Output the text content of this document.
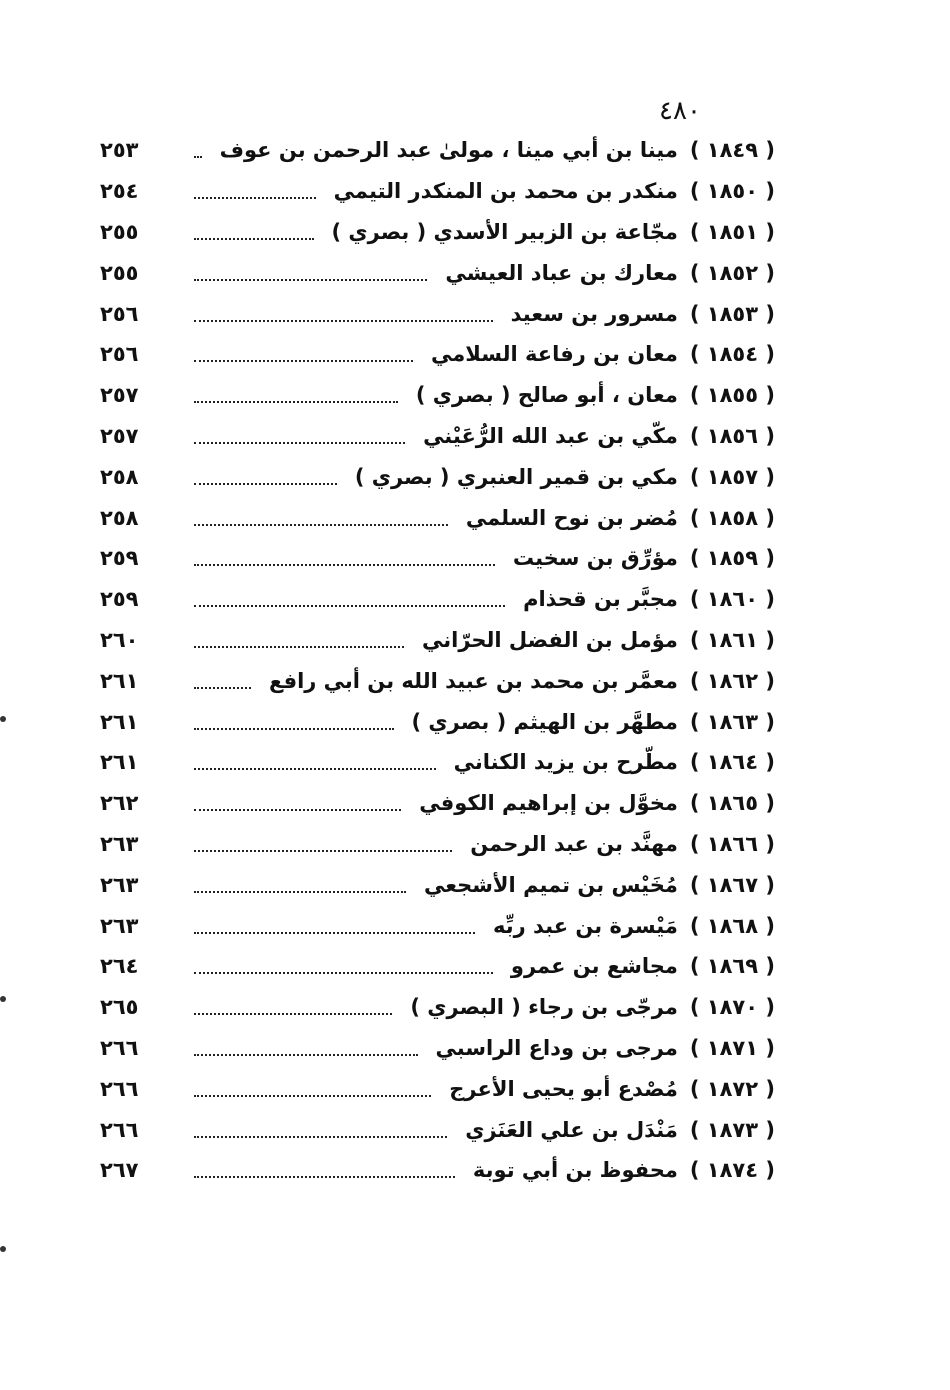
٤٨٠
( ١٨٤٩ )
مينا بن أبي مينا ، مولىٰ عبد الرحمن بن عوف
٢٥٣
( ١٨٥٠ )
منكدر بن محمد بن المنكدر التيمي
٢٥٤
( ١٨٥١ )
مجّاعة بن الزبير الأسدي ( بصري )
٢٥٥
( ١٨٥٢ )
معارك بن عباد العيشي
٢٥٥
( ١٨٥٣ )
مسرور بن سعيد
٢٥٦
( ١٨٥٤ )
معان بن رفاعة السلامي
٢٥٦
( ١٨٥٥ )
معان ، أبو صالح ( بصري )
٢٥٧
( ١٨٥٦ )
مكّي بن عبد الله الرُّعَيْني
٢٥٧
( ١٨٥٧ )
مكي بن قمير العنبري ( بصري )
٢٥٨
( ١٨٥٨ )
مُضر بن نوح السلمي
٢٥٨
( ١٨٥٩ )
مؤرِّق بن سخيت
٢٥٩
( ١٨٦٠ )
مجبَّر بن قحذام
٢٥٩
( ١٨٦١ )
مؤمل بن الفضل الحرّاني
٢٦٠
( ١٨٦٢ )
معمَّر بن محمد بن عبيد الله بن أبي رافع
٢٦١
( ١٨٦٣ )
مطهَّر بن الهيثم ( بصري )
٢٦١
( ١٨٦٤ )
مطّرح بن يزيد الكناني
٢٦١
( ١٨٦٥ )
مخوَّل بن إبراهيم الكوفي
٢٦٢
( ١٨٦٦ )
مهنَّد بن عبد الرحمن
٢٦٣
( ١٨٦٧ )
مُخَيْس بن تميم الأشجعي
٢٦٣
( ١٨٦٨ )
مَيْسرة بن عبد ربِّه
٢٦٣
( ١٨٦٩ )
مجاشع بن عمرو
٢٦٤
( ١٨٧٠ )
مرجّى بن رجاء ( البصري )
٢٦٥
( ١٨٧١ )
مرجى بن وداع الراسبي
٢٦٦
( ١٨٧٢ )
مُصْدع أبو يحيى الأعرج
٢٦٦
( ١٨٧٣ )
مَنْدَل بن علي العَنَزي
٢٦٦
( ١٨٧٤ )
محفوظ بن أبي توبة
٢٦٧
